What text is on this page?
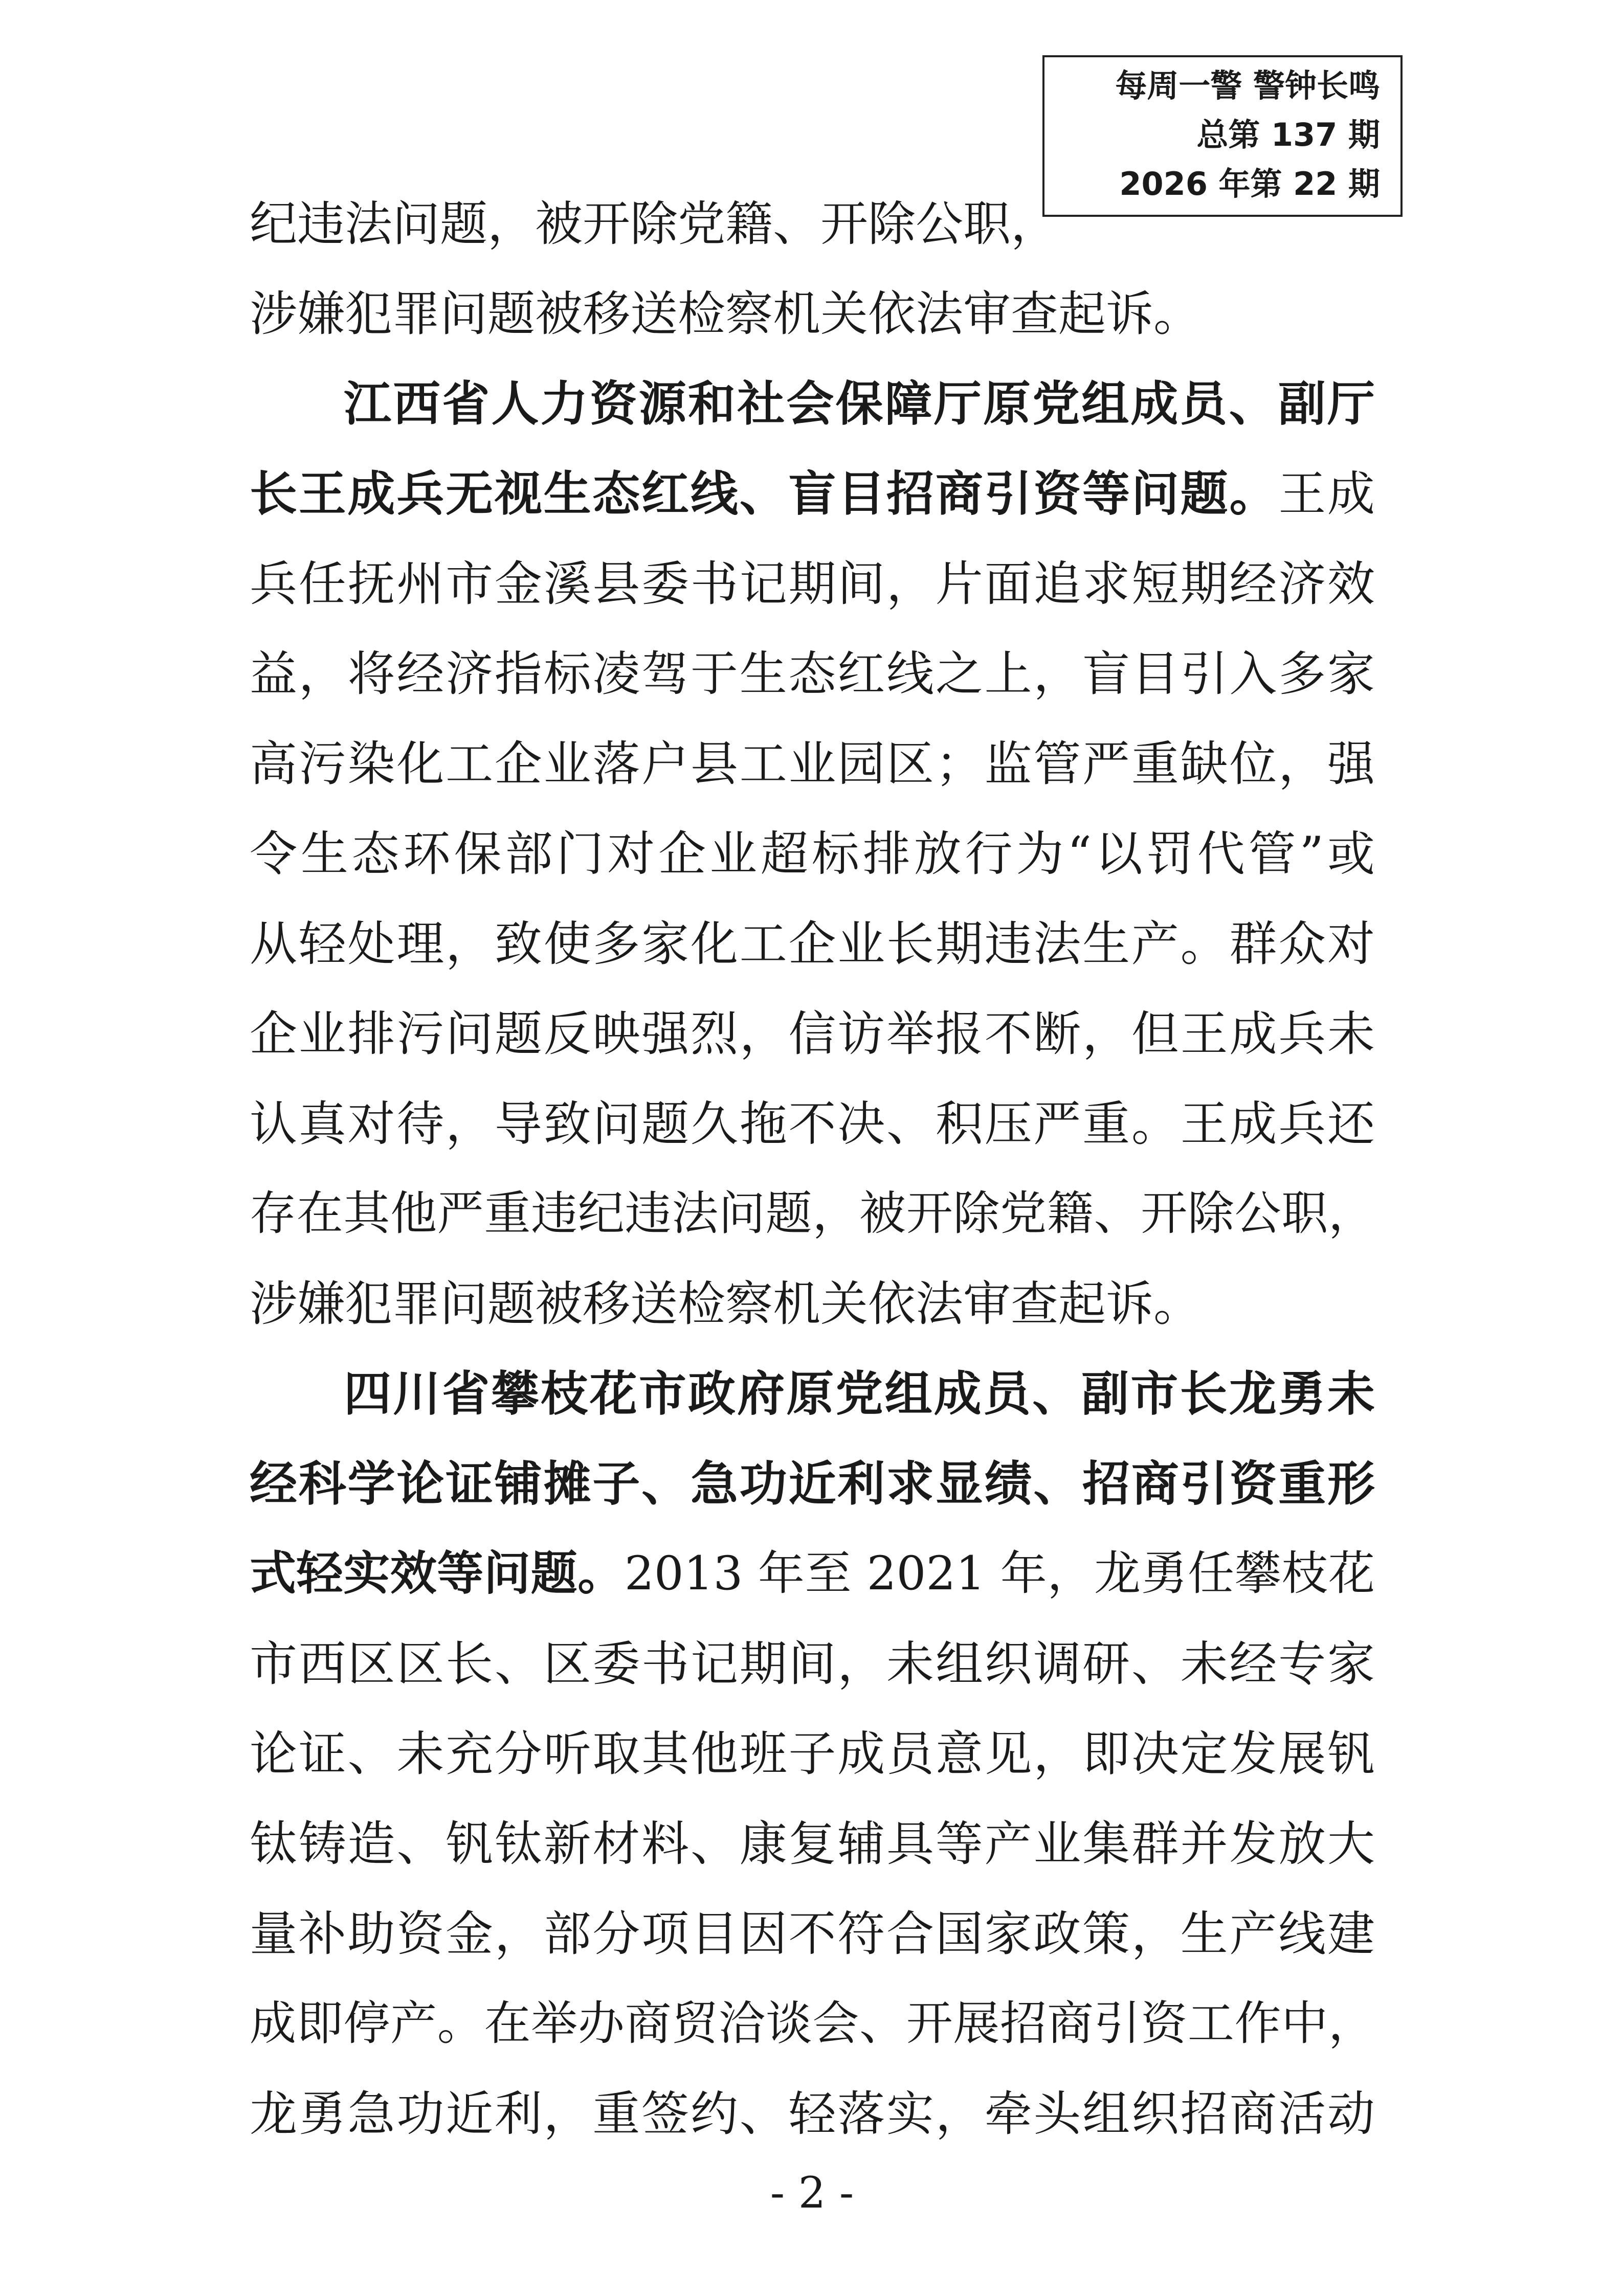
每周一警 警钟长鸣
总第 137 期
2026 年第 22 期
纪违法问题，被开除党籍、开除公职，
涉嫌犯罪问题被移送检察机关依法审查起诉。
江西省人力资源和社会保障厅原党组成员、副厅
长王成兵无视生态红线、盲目招商引资等问题。王成
兵任抚州市金溪县委书记期间，片面追求短期经济效
益，将经济指标凌驾于生态红线之上，盲目引入多家
高污染化工企业落户县工业园区；监管严重缺位，强
令生态环保部门对企业超标排放行为“以罚代管”或
从轻处理，致使多家化工企业长期违法生产。群众对
企业排污问题反映强烈，信访举报不断，但王成兵未
认真对待，导致问题久拖不决、积压严重。王成兵还
存在其他严重违纪违法问题，被开除党籍、开除公职，
涉嫌犯罪问题被移送检察机关依法审查起诉。
四川省攀枝花市政府原党组成员、副市长龙勇未
经科学论证铺摊子、急功近利求显绩、招商引资重形
式轻实效等问题。2013 年至 2021 年，龙勇任攀枝花
市西区区长、区委书记期间，未组织调研、未经专家
论证、未充分听取其他班子成员意见，即决定发展钒
钛铸造、钒钛新材料、康复辅具等产业集群并发放大
量补助资金，部分项目因不符合国家政策，生产线建
成即停产。在举办商贸洽谈会、开展招商引资工作中，
龙勇急功近利，重签约、轻落实，牵头组织招商活动
- 2 -
